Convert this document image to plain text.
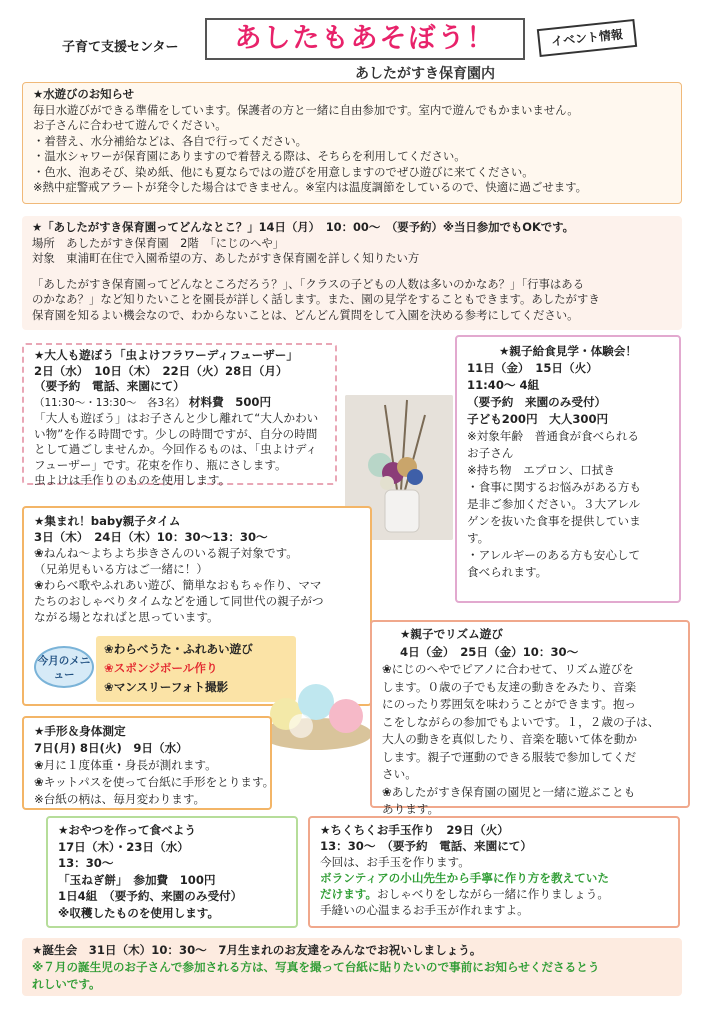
子育て支援センター	あしたもあそぼう！	イベント情報
あしたがすき保育園内
★水遊びのお知らせ
毎日水遊びができる準備をしています。保護者の方と一緒に自由参加です。室内で遊んでもかまいません。
お子さんに合わせて遊んでください。
・着替え、水分補給などは、各自で行ってください。
・温水シャワーが保育園にありますので着替える際は、そちらを利用してください。
・色水、泡あそび、染め紙、他にも夏ならではの遊びを用意しますのでぜひ遊びに来てください。
※熱中症警戒アラートが発令した場合はできません。※室内は温度調節をしているので、快適に過ごせます。
★「あしたがすき保育園ってどんなとこ？」14日（月）　10：00～　（要予約）※当日参加でもOKです。
場所　あしたがすき保育園　2階　「にじのへや」
対象　東浦町在住で入園希望の方、あしたがすき保育園を詳しく知りたい方
「あしたがすき保育園ってどんなところだろう？」、「クラスの子どもの人数は多いのかなあ？」「行事はある
のかなあ？」など知りたいことを園長が詳しく話します。また、園の見学をすることもできます。あしたがすき
保育園を知るよい機会なので、わからないことは、どんどん質問をして入園を決める参考にしてください。
★大人も遊ぼう「虫よけフラワーディフューザー」
2日（水）　10日（木）　22日（火）28日（月）
（要予約　電話、来園にて）
（11:30～・13:30～　各3名） 材料費　500円
「大人も遊ぼう」はお子さんと少し離れて“大人かわい
い物”を作る時間です。少しの時間ですが、自分の時間
として過ごしませんか。今回作るものは、「虫よけディ
フューザー」です。花束を作り、瓶にさします。
虫よけは手作りのものを使用します。
★親子給食見学・体験会！
11日（金）　15日（火）
11:40～ 4組
（要予約　来園のみ受付）
子ども200円　大人300円
※対象年齢　普通食が食べられる
お子さん
※持ち物　エプロン、口拭き
・食事に関するお悩みがある方も
是非ご参加ください。３大アレル
ゲンを抜いた食事を提供していま
す。
・アレルギーのある方も安心して
食べられます。
★集まれ！baby親子タイム
3日（木）　24日（木）10：30～13：30～
❀ねんね～よちよち歩きさんのいる親子対象です。
（兄弟児もいる方はご一緒に！）
❀わらべ歌やふれあい遊び、簡単なおもちゃ作り、ママ
たちのおしゃべりタイムなどを通して同世代の親子がつ
ながる場となればと思っています。
今月のメニュー
❀わらべうた・ふれあい遊び
❀スポンジボール作り
❀マンスリーフォト撮影
★親子でリズム遊び
4日（金）　25日（金）10：30～
❀にじのへやでピアノに合わせて、リズム遊びを
します。０歳の子でも友達の動きをみたり、音楽
にのったり雰囲気を味わうことができます。抱っ
こをしながらの参加でもよいです。１，２歳の子は、
大人の動きを真似したり、音楽を聴いて体を動か
します。親子で運動のできる服装で参加してくだ
さい。
❀あしたがすき保育園の園児と一緒に遊ぶことも
あります。
★手形＆身体測定
7日(月) 8日(火)　9日（水）
❀月に１度体重・身長が測れます。
❀キットパスを使って台紙に手形をとります。
※台紙の柄は、毎月変わります。
★おやつを作って食べよう
17日（木）・23日（水）
13：30～
「玉ねぎ餅」　参加費　100円
1日4組　（要予約、来園のみ受付）
※収穫したものを使用します。
★ちくちくお手玉作り　29日（火）
13：30～　（要予約　電話、来園にて）
今回は、お手玉を作ります。
ボランティアの小山先生から手寧に作り方を教えていた
だけます。おしゃべりをしながら一緒に作りましょう。
手縫いの心温まるお手玉が作れますよ。
★誕生会　31日（木）10：30～　7月生まれのお友達をみんなでお祝いしましょう。
※７月の誕生児のお子さんで参加される方は、写真を撮って台紙に貼りたいので事前にお知らせくださるとう
れしいです。
